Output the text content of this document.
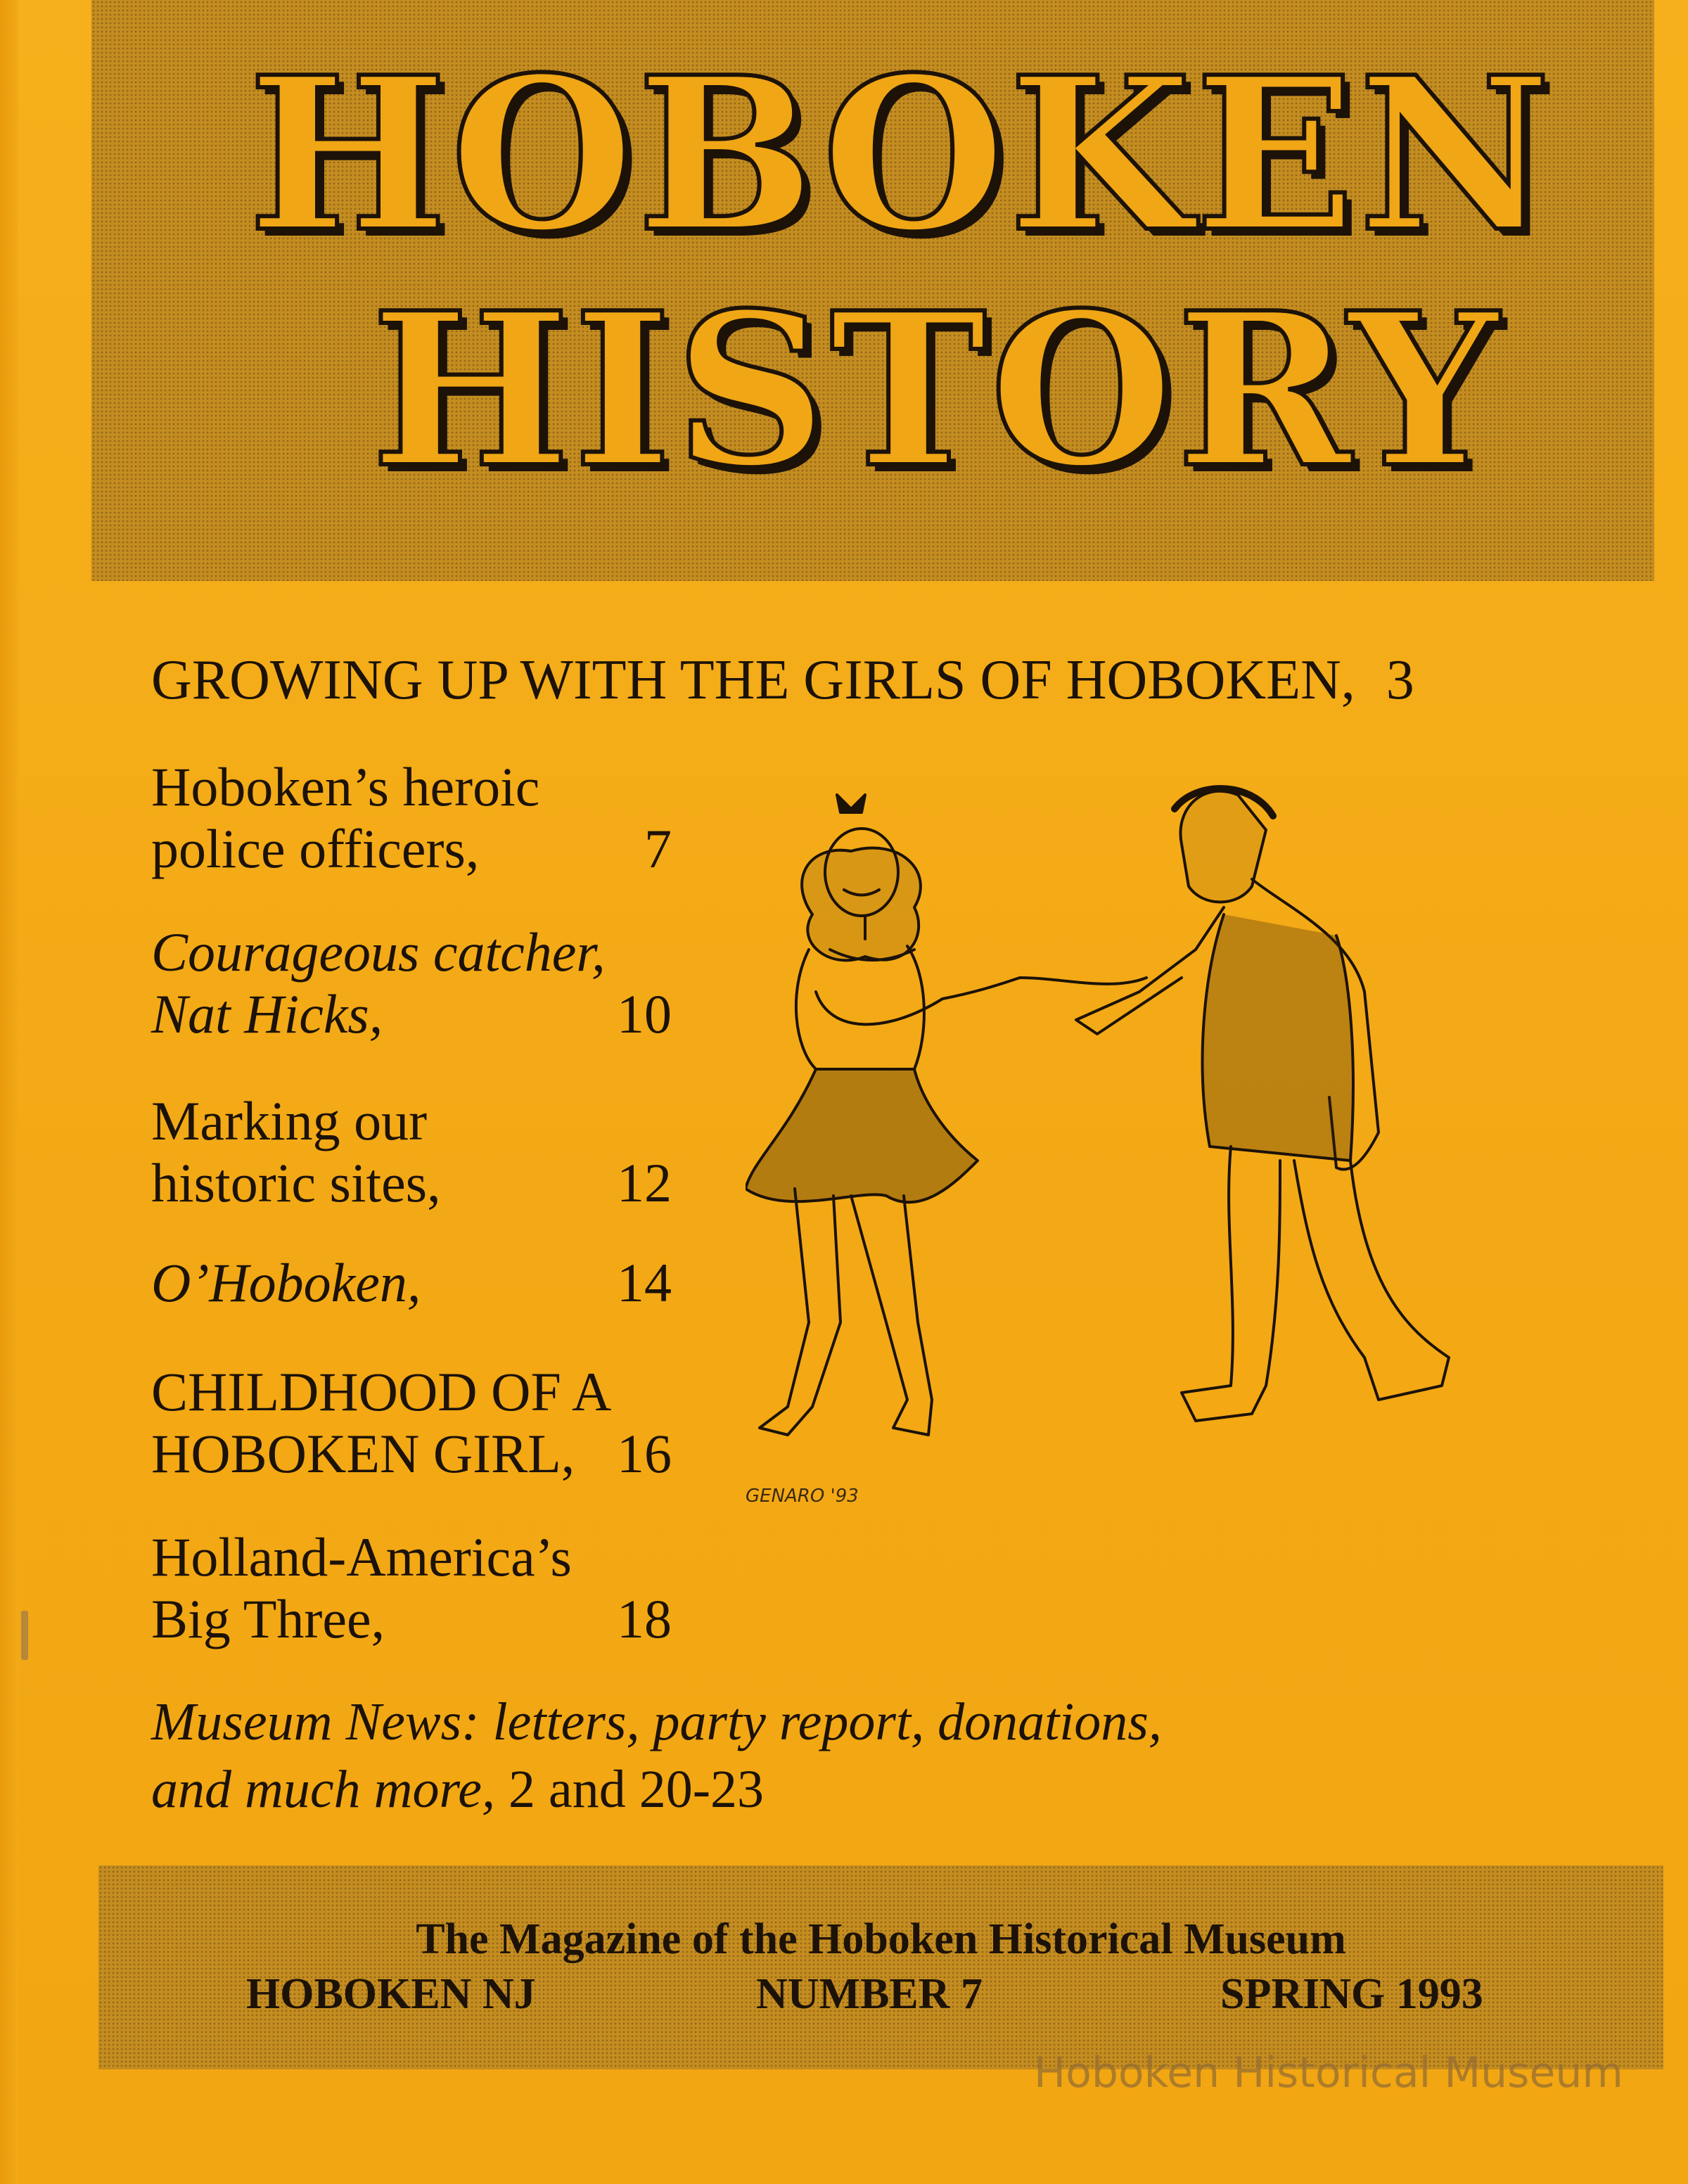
HOBOKEN
HISTORY
GROWING UP WITH THE GIRLS OF HOBOKEN, 3
Hoboken’s heroic
police officers,	7
Courageous catcher,
Nat Hicks,	10
Marking our
historic sites,	12
O’Hoboken,	14
CHILDHOOD OF A
HOBOKEN GIRL, 16
Holland-America’s
Big Three,	18
GENARO '93
Museum News: letters, party report, donations,
and much more, 2 and 20-23
The Magazine of the Hoboken Historical Museum
HOBOKEN NJ	NUMBER 7	SPRING 1993
Hoboken Historical Museum
